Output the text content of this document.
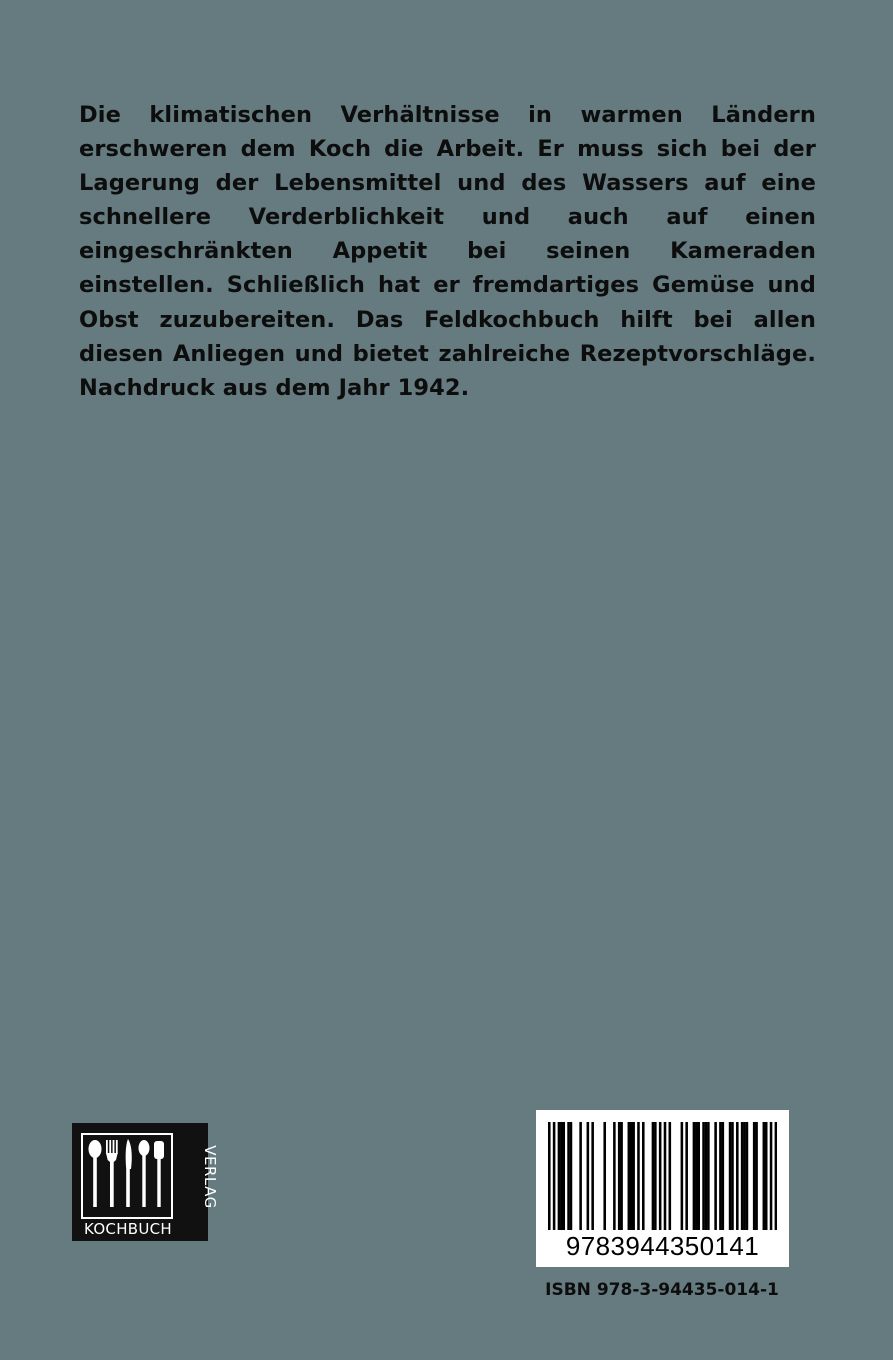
Die klimatischen Verhältnisse in warmen Ländern erschweren dem Koch die Arbeit. Er muss sich bei der Lagerung der Lebensmittel und des Wassers auf eine schnellere Verderblichkeit und auch auf einen eingeschränkten Appetit bei seinen Kameraden einstellen. Schließlich hat er fremdartiges Gemüse und Obst zuzubereiten. Das Feldkochbuch hilft bei allen diesen Anliegen und bietet zahlreiche Rezeptvorschläge. Nachdruck aus dem Jahr 1942.

KOCHBUCH
VERLAG
9783944350141
ISBN 978-3-94435-014-1
